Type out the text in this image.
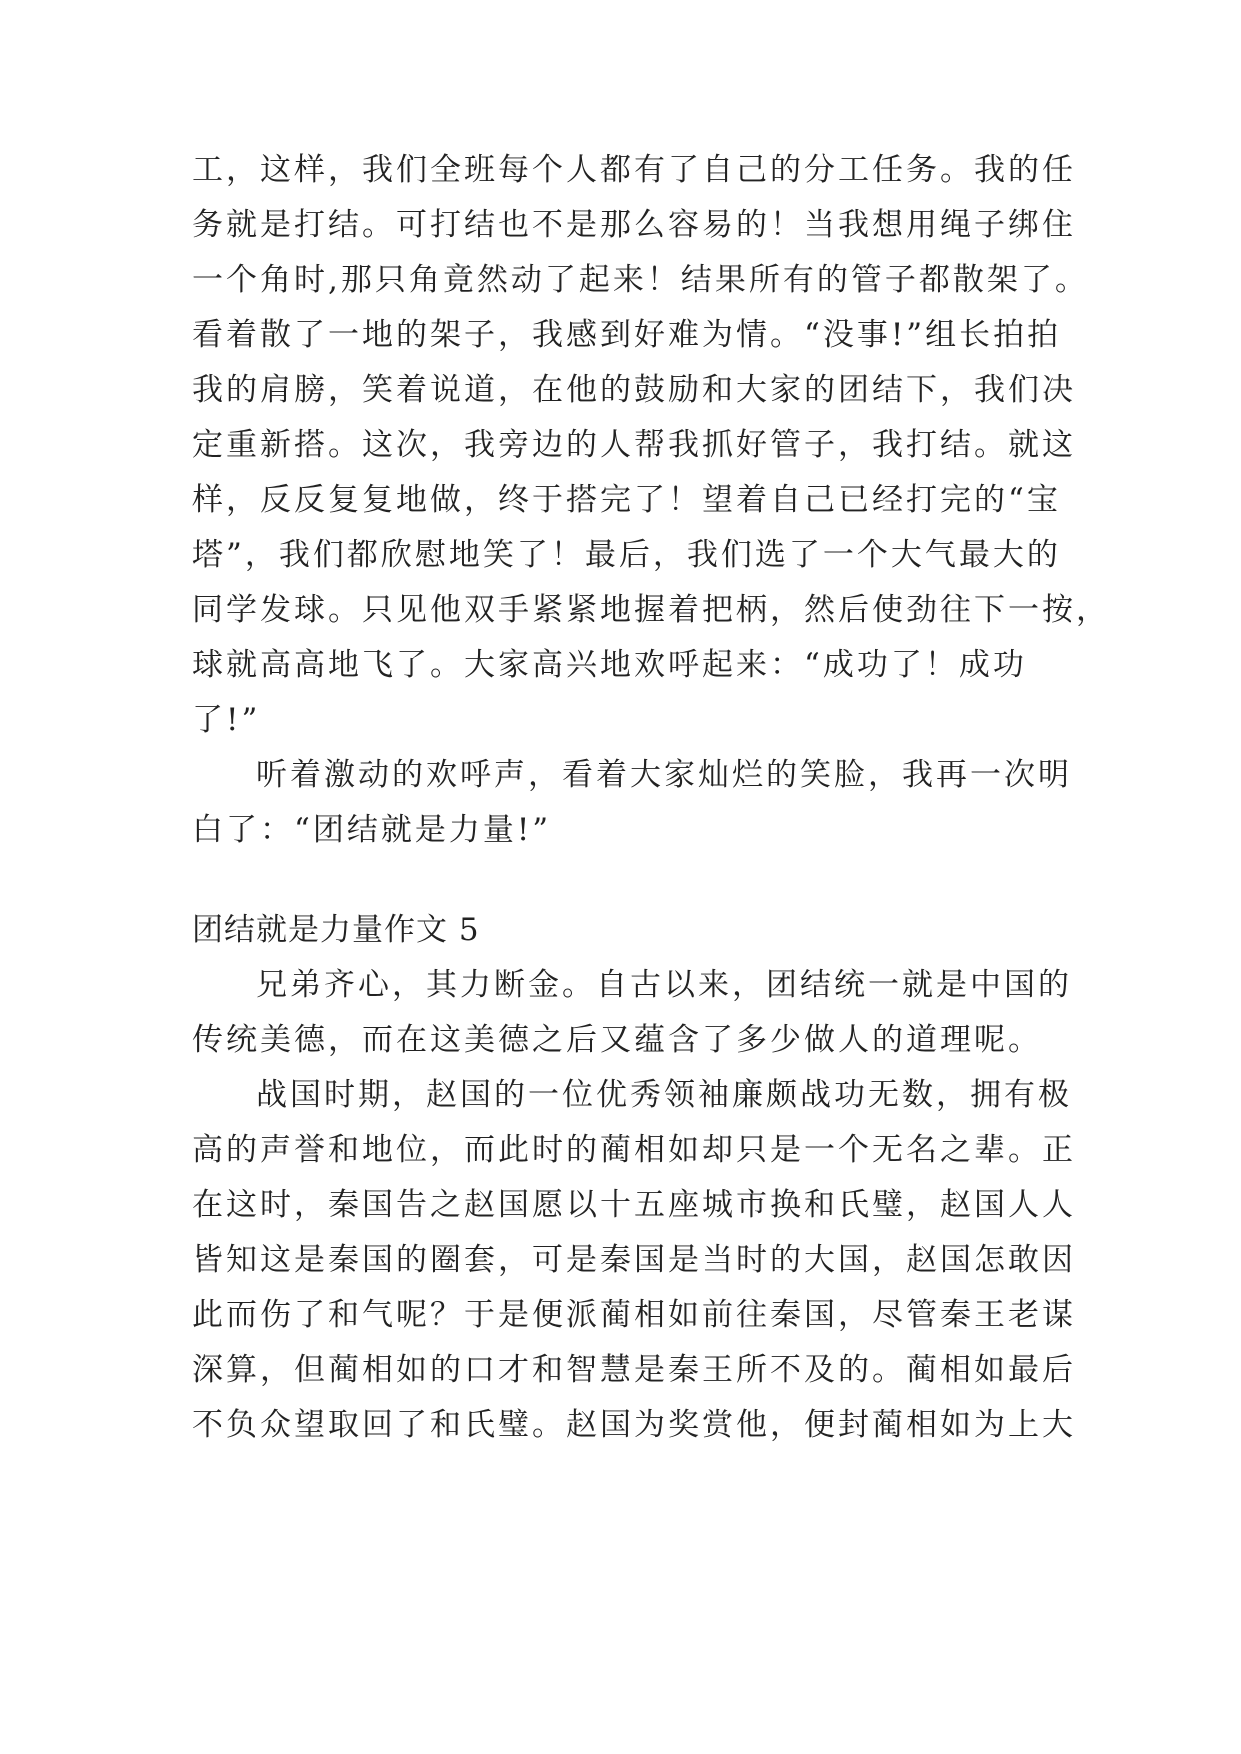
工，这样，我们全班每个人都有了自己的分工任务。我的任
务就是打结。可打结也不是那么容易的！当我想用绳子绑住
一个角时,那只角竟然动了起来！结果所有的管子都散架了。
看着散了一地的架子，我感到好难为情。“没事!”组长拍拍
我的肩膀，笑着说道，在他的鼓励和大家的团结下，我们决
定重新搭。这次，我旁边的人帮我抓好管子，我打结。就这
样，反反复复地做，终于搭完了！望着自己已经打完的“宝
塔”，我们都欣慰地笑了！最后，我们选了一个大气最大的
同学发球。只见他双手紧紧地握着把柄，然后使劲往下一按，
球就高高地飞了。大家高兴地欢呼起来：“成功了！成功
了!”
听着激动的欢呼声，看着大家灿烂的笑脸，我再一次明
白了：“团结就是力量!”
团结就是力量作文 5
兄弟齐心，其力断金。自古以来，团结统一就是中国的
传统美德，而在这美德之后又蕴含了多少做人的道理呢。
战国时期，赵国的一位优秀领袖廉颇战功无数，拥有极
高的声誉和地位，而此时的蔺相如却只是一个无名之辈。正
在这时，秦国告之赵国愿以十五座城市换和氏璧，赵国人人
皆知这是秦国的圈套，可是秦国是当时的大国，赵国怎敢因
此而伤了和气呢？于是便派蔺相如前往秦国，尽管秦王老谋
深算，但蔺相如的口才和智慧是秦王所不及的。蔺相如最后
不负众望取回了和氏璧。赵国为奖赏他，便封蔺相如为上大
